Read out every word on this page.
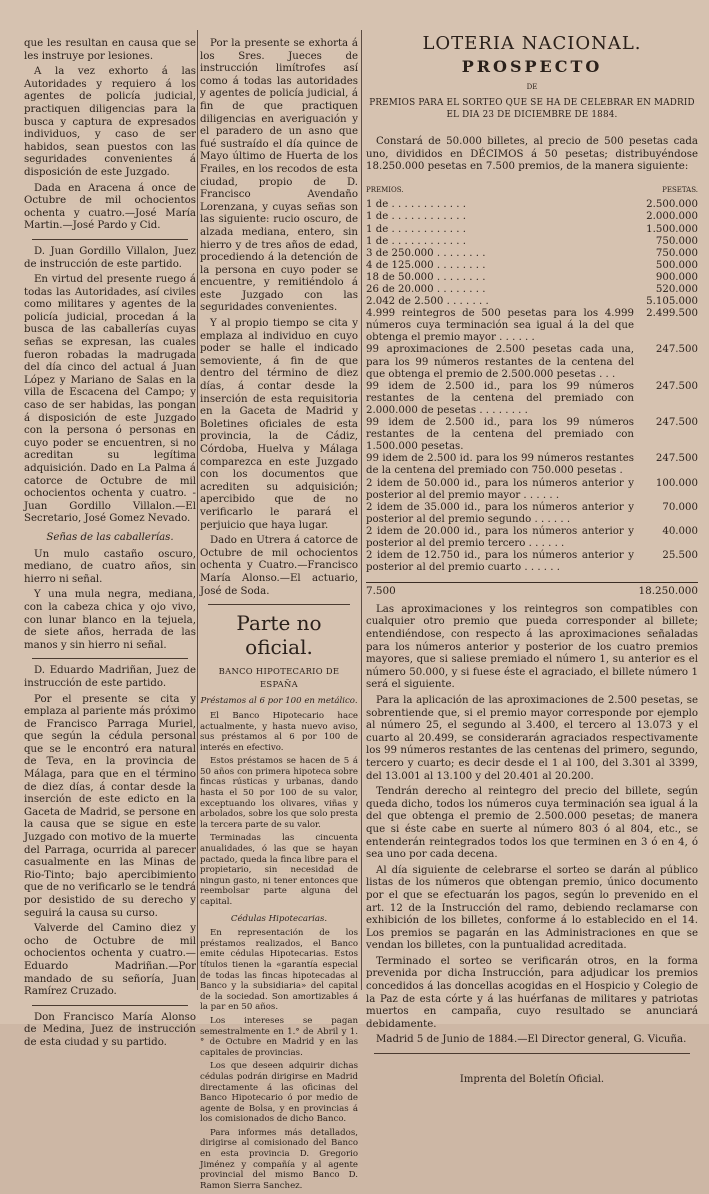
que les resultan en causa que se les instruye por lesiones.

A la vez exhorto á las Autoridades y requiero á los agentes de policía judicial, practiquen diligencias para la busca y captura de expresados individuos, y caso de ser habidos, sean puestos con las seguridades convenientes á disposición de este Juzgado.

Dada en Aracena á once de Octubre de mil ochocientos ochenta y cuatro.—José María Martin.—José Pardo y Cid.

D. Juan Gordillo Villalon, Juez de instrucción de este partido.

En virtud del presente ruego á todas las Autoridades, así civiles como militares y agentes de la policía judicial, procedan á la busca de las caballerías cuyas señas se expresan, las cuales fueron robadas la madrugada del día cinco del actual á Juan López y Mariano de Salas en la villa de Escacena del Campo; y caso de ser habidas, las pongan á disposición de este Juzgado con la persona ó personas en cuyo poder se encuentren, si no acreditan su legítima adquisición. Dado en La Palma á catorce de Octubre de mil ochocientos ochenta y cuatro. - Juan Gordillo Villalon.—El Secretario, José Gomez Nevado.

Señas de las caballerías.

Un mulo castaño oscuro, mediano, de cuatro años, sin hierro ni señal.

Y una mula negra, mediana, con la cabeza chica y ojo vivo, con lunar blanco en la tejuela, de siete años, herrada de las manos y sin hierro ni señal.

D. Eduardo Madriñan, Juez de instrucción de este partido.

Por el presente se cita y emplaza al pariente más próximo de Francisco Parraga Muriel, que según la cédula personal que se le encontró era natural de Teva, en la provincia de Málaga, para que en el término de diez días, á contar desde la inserción de este edicto en la Gaceta de Madrid, se persone en la causa que se sigue en este Juzgado con motivo de la muerte del Parraga, ocurrida al parecer casualmente en las Minas de Rio-Tinto; bajo apercibimiento que de no verificarlo se le tendrá por desistido de su derecho y seguirá la causa su curso.

Valverde del Camino diez y ocho de Octubre de mil ochocientos ochenta y cuatro.—Eduardo Madriñan.—Por mandado de su señoría, Juan Ramírez Cruzado.

Don Francisco María Alonso de Medina, Juez de instrucción de esta ciudad y su partido.

Por la presente se exhorta á los Sres. Jueces de instrucción limítrofes así como á todas las autoridades y agentes de policía judicial, á fin de que practiquen diligencias en averiguación y el paradero de un asno que fué sustraído el día quince de Mayo último de Huerta de los Frailes, en los recodos de esta ciudad, propio de D. Francisco Avendaño Lorenzana, y cuyas señas son las siguiente: rucio oscuro, de alzada mediana, entero, sin hierro y de tres años de edad, procediendo á la detención de la persona en cuyo poder se encuentre, y remitiéndolo á este Juzgado con las seguridades convenientes.

Y al propio tiempo se cita y emplaza al individuo en cuyo poder se halle el indicado semoviente, á fin de que dentro del término de diez días, á contar desde la inserción de esta requisitoria en la Gaceta de Madrid y Boletines oficiales de esta provincia, la de Cádiz, Córdoba, Huelva y Málaga comparezca en este Juzgado con los documentos que acrediten su adquisición; apercibido que de no verificarlo le parará el perjuicio que haya lugar.

Dado en Utrera á catorce de Octubre de mil ochocientos ochenta y Cuatro.—Francisco María Alonso.—El actuario, José de Soda.

Parte no oficial.
BANCO HIPOTECARIO DE ESPAÑA

Préstamos al 6 por 100 en metálico.

El Banco Hipotecario hace actualmente, y hasta nuevo aviso, sus préstamos al 6 por 100 de interés en efectivo.

Estos préstamos se hacen de 5 á 50 años con primera hipoteca sobre fincas rústicas y urbanas, dando hasta el 50 por 100 de su valor, exceptuando los olivares, viñas y arbolados, sobre los que solo presta la tercera parte de su valor.

Terminadas las cincuenta anualidades, ó las que se hayan pactado, queda la finca libre para el propietario, sin necesidad de ningun gasto, ni tener entonces que reembolsar parte alguna del capital.

Cédulas Hipotecarias.

En representación de los préstamos realizados, el Banco emite cédulas Hipotecarias. Estos títulos tienen la «garantía especial de todas las fincas hipotecadas al Banco y la subsidiaria» del capital de la sociedad. Son amortizables á la par en 50 años.

Los intereses se pagan semestralmente en 1.° de Abril y 1.° de Octubre en Madrid y en las capitales de provincias.

Los que deseen adquirir dichas cédulas podrán dirigirse en Madrid directamente á las oficinas del Banco Hipotecario ó por medio de agente de Bolsa, y en provincias á los comisionados de dicho Banco.

Para informes más detallados, dirigirse al comisionado del Banco en esta provincia D. Gregorio Jiménez y compañía y al agente provincial del mismo Banco D. Ramon Sierra Sanchez.

LOTERIA NACIONAL.
PROSPECTO
DE
PREMIOS PARA EL SORTEO QUE SE HA DE CELEBRAR EN MADRID EL DIA 23 DE DICIEMBRE DE 1884.

Constará de 50.000 billetes, al precio de 500 pesetas cada uno, divididos en DÉCIMOS á 50 pesetas; distribuyéndose 18.250.000 pesetas en 7.500 premios, de la manera siguiente:

PREMIOS.	PESETAS.
1 de . . . . . . . . . . . .	2.500.000
1 de . . . . . . . . . . . .	2.000.000
1 de . . . . . . . . . . . .	1.500.000
1 de . . . . . . . . . . . .	750.000
3 de 250.000 . . . . . . . .	750.000
4 de 125.000 . . . . . . . .	500.000
18 de 50.000 . . . . . . . .	900.000
26 de 20.000 . . . . . . . .	520.000
2.042 de 2.500 . . . . . . .	5.105.000
4.999 reintegros de 500 pesetas para los 4.999 números cuya terminación sea igual á la del que obtenga el premio mayor . . . . . .
2.499.500
99 aproximaciones de 2.500 pesetas cada una, para los 99 números restantes de la centena del que obtenga el premio de 2.500.000 pesetas . . .
247.500
99 idem de 2.500 id., para los 99 números restantes de la centena del premiado con 2.000.000 de pesetas . . . . . . . .
247.500
99 idem de 2.500 id., para los 99 números restantes de la centena del premiado con 1.500.000 pesetas.
247.500
99 idem de 2.500 id. para los 99 números restantes de la centena del premiado con 750.000 pesetas .
247.500
2 idem de 50.000 id., para los números anterior y posterior al del premio mayor . . . . . .
100.000
2 idem de 35.000 id., para los números anterior y posterior al del premio segundo . . . . . .
70.000
2 idem de 20.000 id., para los números anterior y posterior al del premio tercero . . . . . .
40.000
2 idem de 12.750 id., para los números anterior y posterior al del premio cuarto . . . . . .
25.500
7.500	18.250.000

Las aproximaciones y los reintegros son compatibles con cualquier otro premio que pueda corresponder al billete; entendiéndose, con respecto á las aproximaciones señaladas para los números anterior y posterior de los cuatro premios mayores, que si saliese premiado el número 1, su anterior es el número 50.000, y si fuese éste el agraciado, el billete número 1 será el siguiente.

Para la aplicación de las aproximaciones de 2.500 pesetas, se sobrentiende que, si el premio mayor corresponde por ejemplo al número 25, el segundo al 3.400, el tercero al 13.073 y el cuarto al 20.499, se considerarán agraciados respectivamente los 99 números restantes de las centenas del primero, segundo, tercero y cuarto; es decir desde el 1 al 100, del 3.301 al 3399, del 13.001 al 13.100 y del 20.401 al 20.200.

Tendrán derecho al reintegro del precio del billete, según queda dicho, todos los números cuya terminación sea igual á la del que obtenga el premio de 2.500.000 pesetas; de manera que si éste cabe en suerte al número 803 ó al 804, etc., se entenderán reintegrados todos los que terminen en 3 ó en 4, ó sea uno por cada decena.

Al día siguiente de celebrarse el sorteo se darán al público listas de los números que obtengan premio, único documento por el que se efectuarán los pagos, según lo prevenido en el art. 12 de la Instrucción del ramo, debiendo reclamarse con exhibición de los billetes, conforme á lo establecido en el 14. Los premios se pagarán en las Administraciones en que se vendan los billetes, con la puntualidad acreditada.

Terminado el sorteo se verificarán otros, en la forma prevenida por dicha Instrucción, para adjudicar los premios concedidos á las doncellas acogidas en el Hospicio y Colegio de la Paz de esta córte y á las huérfanas de militares y patriotas muertos en campaña, cuyo resultado se anunciará debidamente.

Madrid 5 de Junio de 1884.—El Director general, G. Vicuña.

Imprenta del Boletín Oficial.
